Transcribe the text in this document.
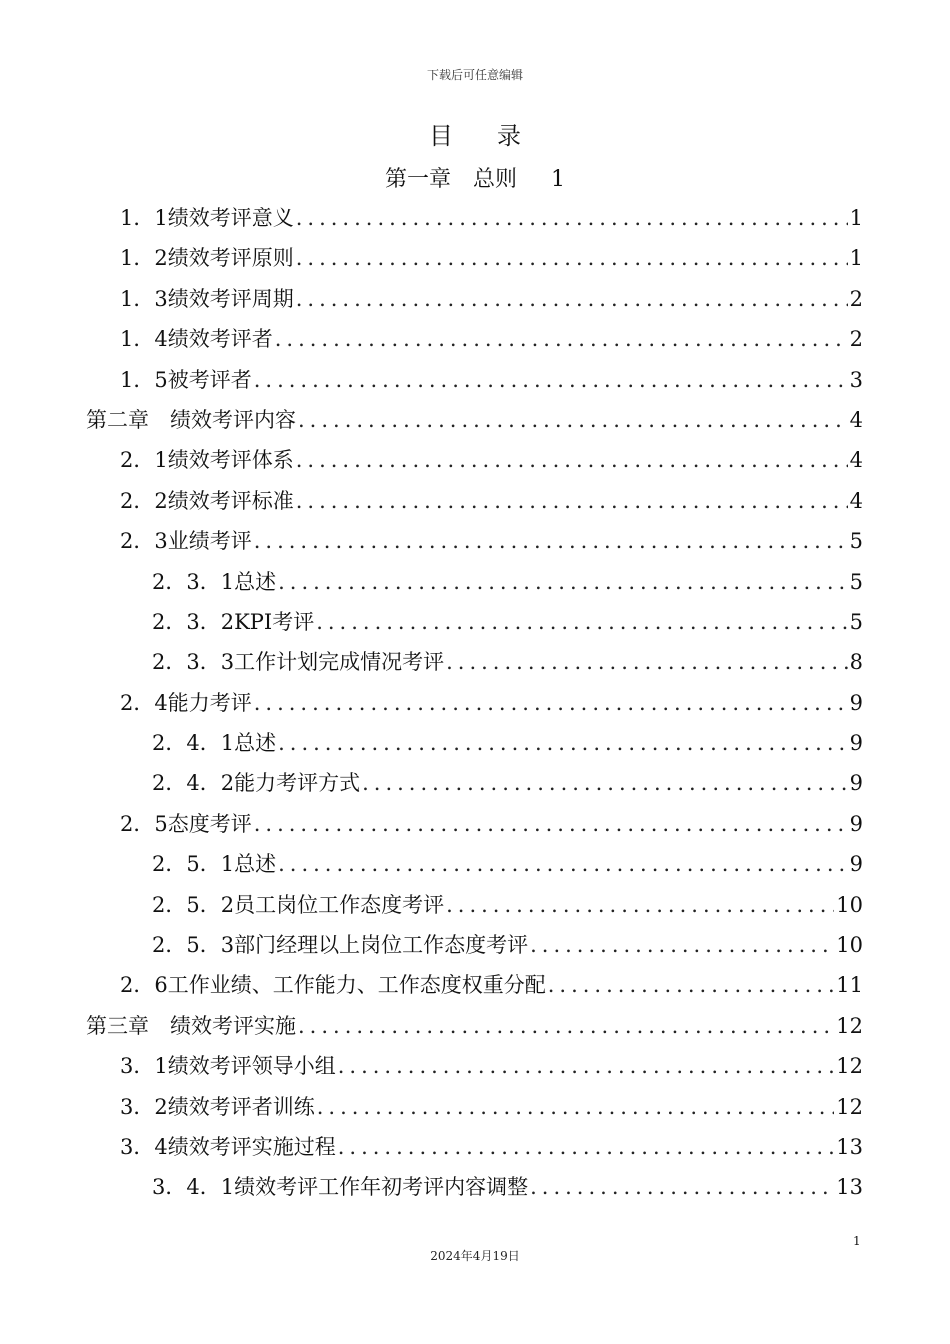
下载后可任意编辑
目录
第一章　总则 1
1．1绩效考评意义 .....	1
1．2绩效考评原则 .....	1
1．3绩效考评周期 .....	2
1．4绩效考评者 .....	2
1．5被考评者 .....	3
第二章　绩效考评内容 .....	4
2．1绩效考评体系 .....	4
2．2绩效考评标准 .....	4
2．3业绩考评 .....	5
2．3．1总述 .....	5
2．3．2KPI考评 .....	5
2．3．3工作计划完成情况考评 .....	8
2．4能力考评 .....	9
2．4．1总述 .....	9
2．4．2能力考评方式 .....	9
2．5态度考评 .....	9
2．5．1总述 .....	9
2．5．2员工岗位工作态度考评 .....	10
2．5．3部门经理以上岗位工作态度考评 .....	10
2．6工作业绩、工作能力、工作态度权重分配 .....	11
第三章　绩效考评实施 .....	12
3．1绩效考评领导小组 .....	12
3．2绩效考评者训练 .....	12
3．4绩效考评实施过程 .....	13
3．4．1绩效考评工作年初考评内容调整 .....	13
1
2024年4月19日
